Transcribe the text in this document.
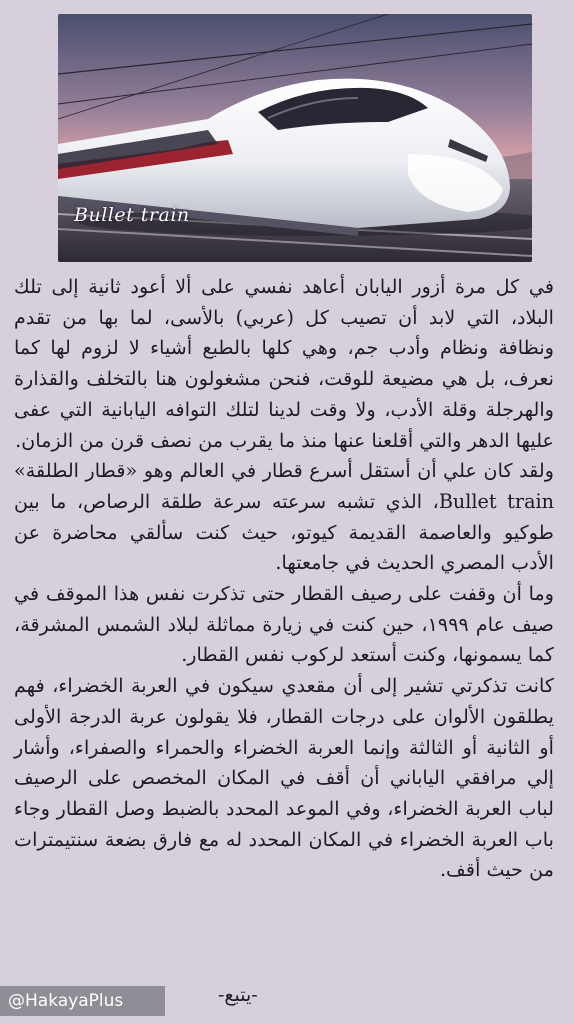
Bullet train

في كل مرة أزور اليابان أعاهد نفسي على ألا أعود ثانية إلى تلك البلاد، التي لابد أن تصيب كل (عربي) بالأسى، لما بها من تقدم ونظافة ونظام وأدب جم، وهي كلها بالطبع أشياء لا لزوم لها كما نعرف، بل هي مضيعة للوقت، فنحن مشغولون هنا بالتخلف والقذارة والهرجلة وقلة الأدب، ولا وقت لدينا لتلك التوافه اليابانية التي عفى عليها الدهر والتي أقلعنا عنها منذ ما يقرب من نصف قرن من الزمان.

ولقد كان علي أن أستقل أسرع قطار في العالم وهو «قطار الطلقة» Bullet train، الذي تشبه سرعته سرعة طلقة الرصاص، ما بين طوكيو والعاصمة القديمة كيوتو، حيث كنت سألقي محاضرة عن الأدب المصري الحديث في جامعتها.

وما أن وقفت على رصيف القطار حتى تذكرت نفس هذا الموقف في صيف عام ١٩٩٩، حين كنت في زيارة مماثلة لبلاد الشمس المشرقة، كما يسمونها، وكنت أستعد لركوب نفس القطار.

كانت تذكرتي تشير إلى أن مقعدي سيكون في العربة الخضراء، فهم يطلقون الألوان على درجات القطار، فلا يقولون عربة الدرجة الأولى أو الثانية أو الثالثة وإنما العربة الخضراء والحمراء والصفراء، وأشار إلي مرافقي الياباني أن أقف في المكان المخصص على الرصيف لباب العربة الخضراء، وفي الموعد المحدد بالضبط وصل القطار وجاء باب العربة الخضراء في المكان المحدد له مع فارق بضعة سنتيمترات من حيث أقف.

-يتبع-
@HakayaPlus
